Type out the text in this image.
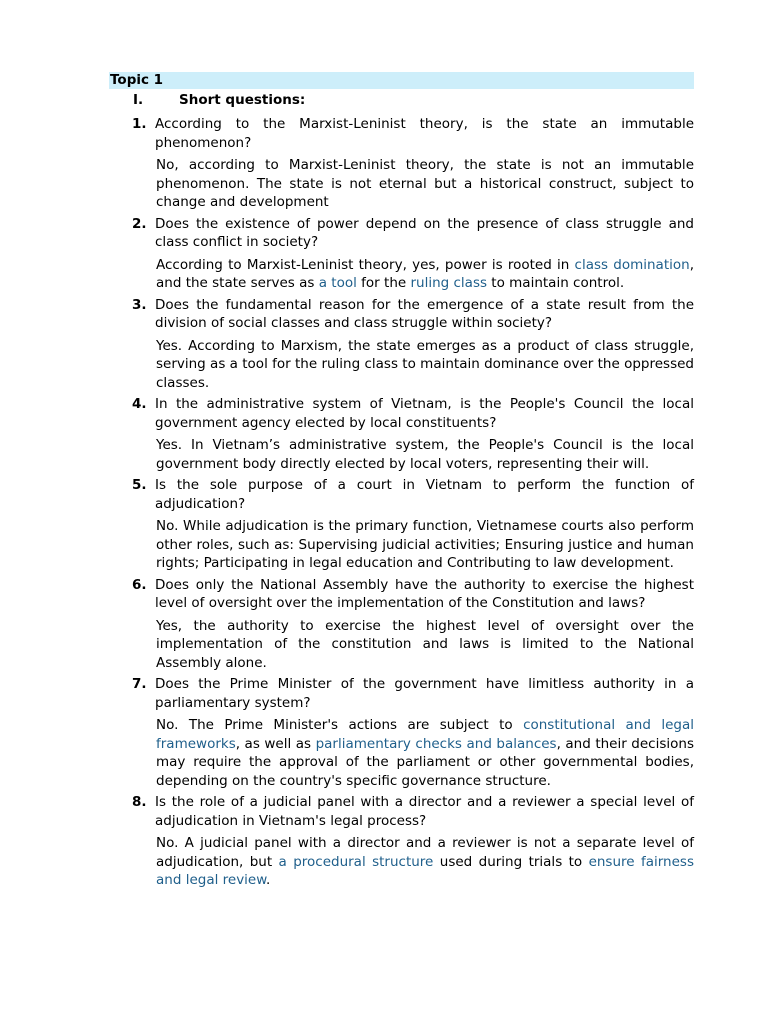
Topic 1
I.	Short questions:
1. According to the Marxist-Leninist theory, is the state an immutable phenomenon?
No, according to Marxist-Leninist theory, the state is not an immutable phenomenon. The state is not eternal but a historical construct, subject to change and development
2. Does the existence of power depend on the presence of class struggle and class conflict in society?
According to Marxist-Leninist theory, yes, power is rooted in class domination, and the state serves as a tool for the ruling class to maintain control.
3. Does the fundamental reason for the emergence of a state result from the division of social classes and class struggle within society?
Yes. According to Marxism, the state emerges as a product of class struggle, serving as a tool for the ruling class to maintain dominance over the oppressed classes.
4. In the administrative system of Vietnam, is the People's Council the local government agency elected by local constituents?
Yes. In Vietnam’s administrative system, the People's Council is the local government body directly elected by local voters, representing their will.
5. Is the sole purpose of a court in Vietnam to perform the function of adjudication?
No. While adjudication is the primary function, Vietnamese courts also perform other roles, such as: Supervising judicial activities; Ensuring justice and human rights; Participating in legal education and Contributing to law development.
6. Does only the National Assembly have the authority to exercise the highest level of oversight over the implementation of the Constitution and laws?
Yes, the authority to exercise the highest level of oversight over the implementation of the constitution and laws is limited to the National Assembly alone.
7. Does the Prime Minister of the government have limitless authority in a parliamentary system?
No. The Prime Minister's actions are subject to constitutional and legal frameworks, as well as parliamentary checks and balances, and their decisions may require the approval of the parliament or other governmental bodies, depending on the country's specific governance structure.
8. Is the role of a judicial panel with a director and a reviewer a special level of adjudication in Vietnam's legal process?
No. A judicial panel with a director and a reviewer is not a separate level of adjudication, but a procedural structure used during trials to ensure fairness and legal review.
